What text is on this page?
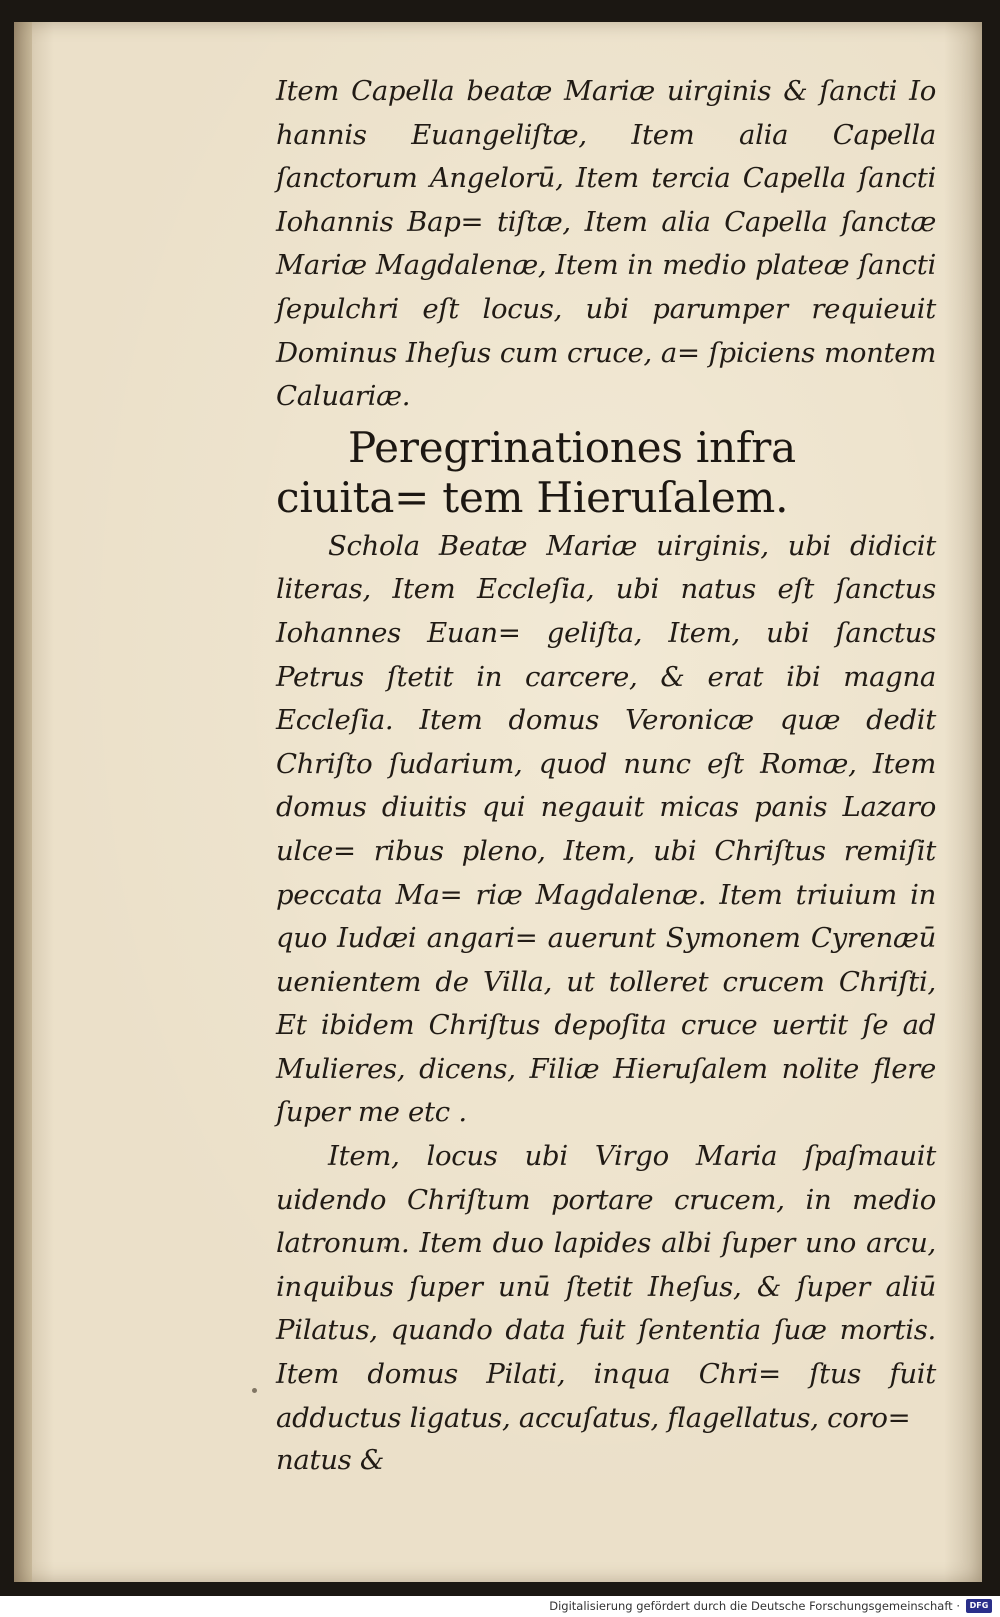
Item Capella beatæ Mariæ uirginis & ſancti Io hannis Euangeliſtæ, Item alia Capella ſanctorum Angelorū, Item tercia Capella ſancti Iohannis Bap= tiſtæ, Item alia Capella ſanctæ Mariæ Magdalenæ, Item in medio plateæ ſancti ſepulchri eſt locus, ubi parumper requieuit Dominus Iheſus cum cruce, a= ſpiciens montem Caluariæ.

Peregrinationes infra ciuita= tem Hieruſalem.

Schola Beatæ Mariæ uirginis, ubi didicit literas, Item Eccleſia, ubi natus eſt ſanctus Iohannes Euan= geliſta, Item, ubi ſanctus Petrus ſtetit in carcere, & erat ibi magna Eccleſia. Item domus Veronicæ quæ dedit Chriſto ſudarium, quod nunc eſt Romæ, Item domus diuitis qui negauit micas panis Lazaro ulce= ribus pleno, Item, ubi Chriſtus remiſit peccata Ma= riæ Magdalenæ. Item triuium in quo Iudæi angari= auerunt Symonem Cyrenæū uenientem de Villa, ut tolleret crucem Chriſti, Et ibidem Chriſtus depoſita cruce uertit ſe ad Mulieres, dicens, Filiæ Hieruſalem nolite flere ſuper me etc .

Item, locus ubi Virgo Maria ſpaſmauit uidendo Chriſtum portare crucem, in medio latronum. Item duo lapides albi ſuper uno arcu, inquibus ſuper unū ſtetit Iheſus, & ſuper aliū Pilatus, quando data fuit ſententia ſuæ mortis. Item domus Pilati, inqua Chri= ſtus fuit adductus ligatus, accuſatus, flagellatus, coro=

natus &

Digitalisierung gefördert durch die Deutsche Forschungsgemeinschaft ·	DFG
